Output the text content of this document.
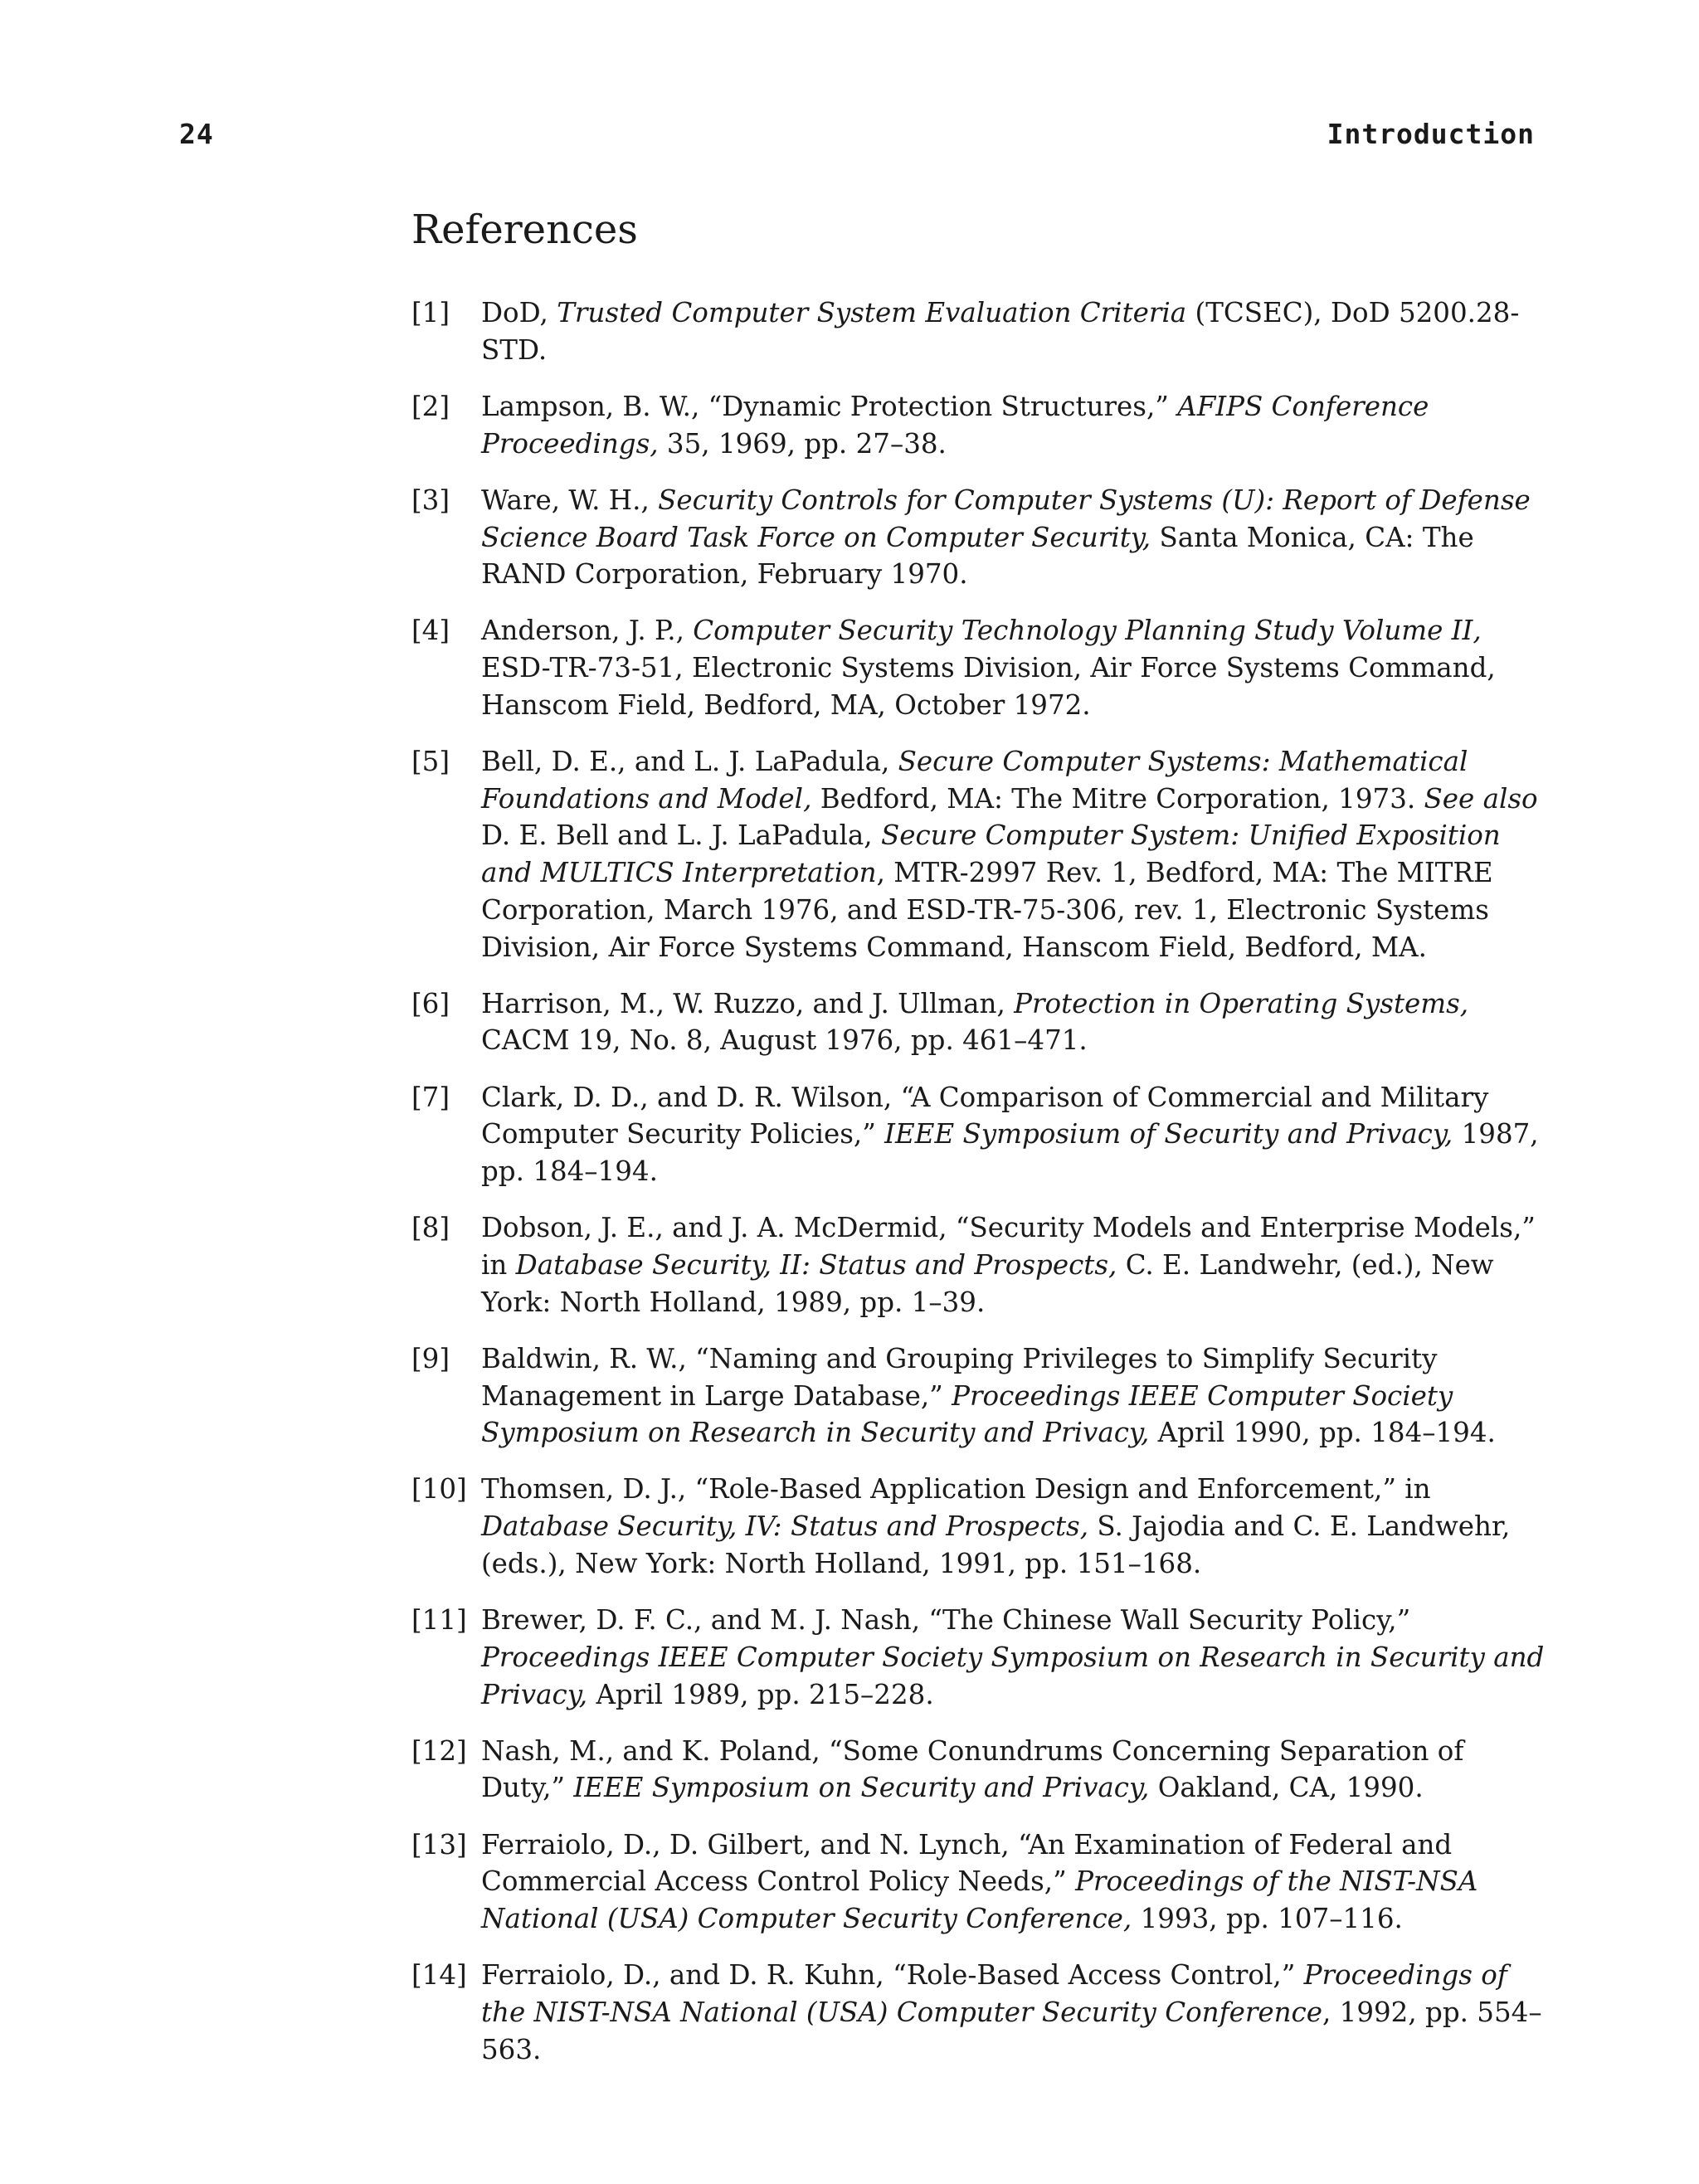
24	Introduction
References
[1] DoD, Trusted Computer System Evaluation Criteria (TCSEC), DoD 5200.28-STD.
[2] Lampson, B. W., “Dynamic Protection Structures,” AFIPS Conference Proceedings, 35, 1969, pp. 27–38.
[3] Ware, W. H., Security Controls for Computer Systems (U): Report of Defense Science Board Task Force on Computer Security, Santa Monica, CA: The RAND Corporation, February 1970.
[4] Anderson, J. P., Computer Security Technology Planning Study Volume II, ESD-TR-73-51, Electronic Systems Division, Air Force Systems Command, Hanscom Field, Bedford, MA, October 1972.
[5] Bell, D. E., and L. J. LaPadula, Secure Computer Systems: Mathematical Foundations and Model, Bedford, MA: The Mitre Corporation, 1973. See also D. E. Bell and L. J. LaPadula, Secure Computer System: Unified Exposition and MULTICS Interpretation, MTR-2997 Rev. 1, Bedford, MA: The MITRE Corporation, March 1976, and ESD-TR-75-306, rev. 1, Electronic Systems Division, Air Force Systems Command, Hanscom Field, Bedford, MA.
[6] Harrison, M., W. Ruzzo, and J. Ullman, Protection in Operating Systems, CACM 19, No. 8, August 1976, pp. 461–471.
[7] Clark, D. D., and D. R. Wilson, “A Comparison of Commercial and Military Computer Security Policies,” IEEE Symposium of Security and Privacy, 1987, pp. 184–194.
[8] Dobson, J. E., and J. A. McDermid, “Security Models and Enterprise Models,” in Database Security, II: Status and Prospects, C. E. Landwehr, (ed.), New York: North Holland, 1989, pp. 1–39.
[9] Baldwin, R. W., “Naming and Grouping Privileges to Simplify Security Management in Large Database,” Proceedings IEEE Computer Society Symposium on Research in Security and Privacy, April 1990, pp. 184–194.
[10] Thomsen, D. J., “Role-Based Application Design and Enforcement,” in Database Security, IV: Status and Prospects, S. Jajodia and C. E. Landwehr, (eds.), New York: North Holland, 1991, pp. 151–168.
[11] Brewer, D. F. C., and M. J. Nash, “The Chinese Wall Security Policy,” Proceedings IEEE Computer Society Symposium on Research in Security and Privacy, April 1989, pp. 215–228.
[12] Nash, M., and K. Poland, “Some Conundrums Concerning Separation of Duty,” IEEE Symposium on Security and Privacy, Oakland, CA, 1990.
[13] Ferraiolo, D., D. Gilbert, and N. Lynch, “An Examination of Federal and Commercial Access Control Policy Needs,” Proceedings of the NIST-NSA National (USA) Computer Security Conference, 1993, pp. 107–116.
[14] Ferraiolo, D., and D. R. Kuhn, “Role-Based Access Control,” Proceedings of the NIST-NSA National (USA) Computer Security Conference, 1992, pp. 554–563.
